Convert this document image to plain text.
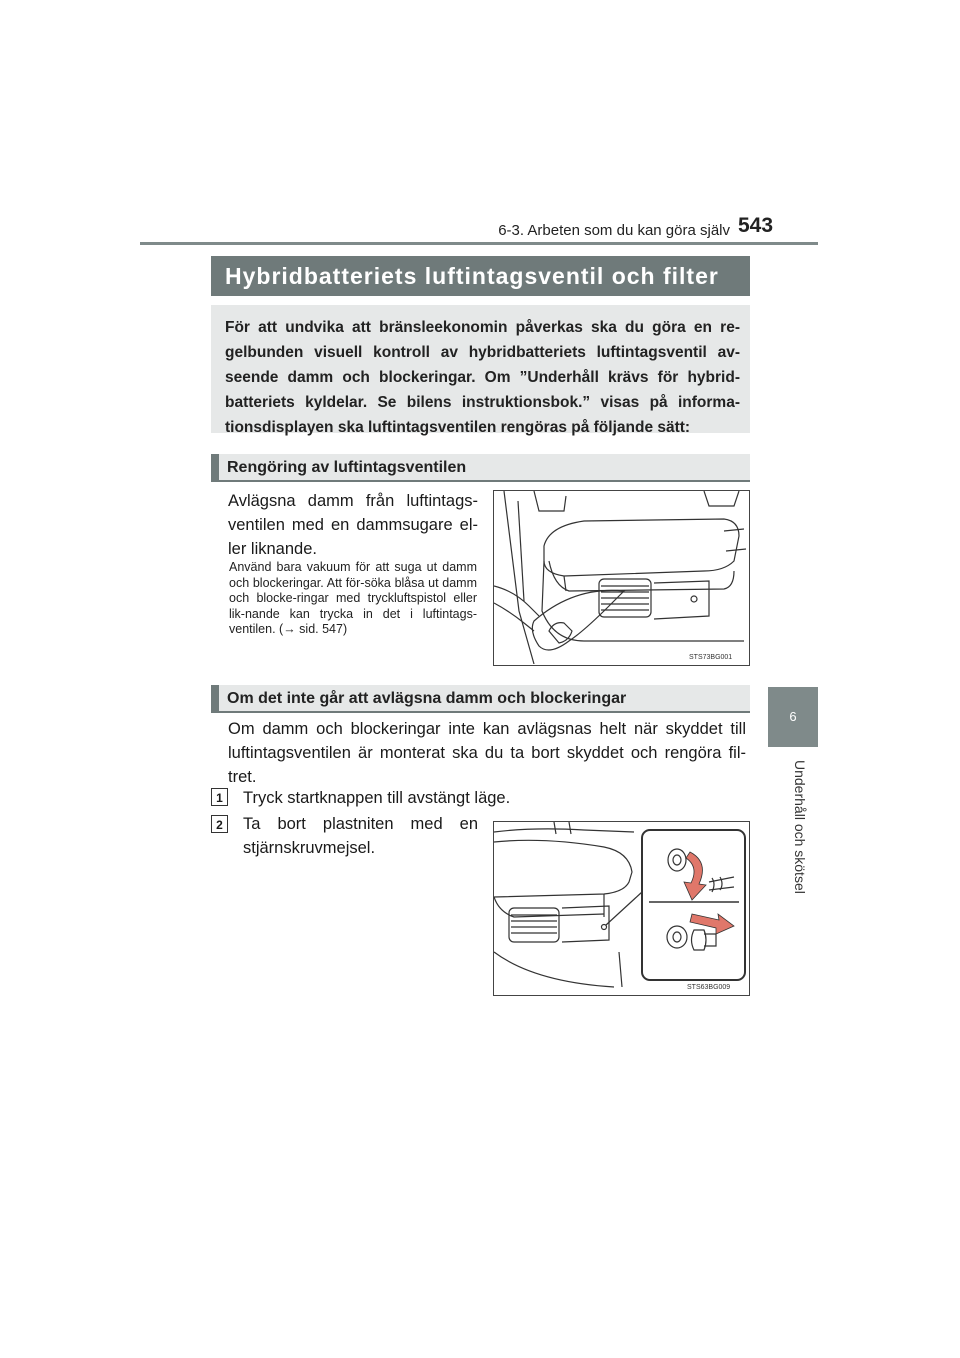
6-3. Arbeten som du kan göra själv 543
6
Underhåll och skötsel
Hybridbatteriets luftintagsventil och filter
För att undvika att bränsleekonomin påverkas ska du göra en re-gelbunden visuell kontroll av hybridbatteriets luftintagsventil av-seende damm och blockeringar. Om ”Underhåll krävs för hybrid-batteriets kyldelar. Se bilens instruktionsbok.” visas på informa-tionsdisplayen ska luftintagsventilen rengöras på följande sätt:
Rengöring av luftintagsventilen
Avlägsna damm från luftintags-ventilen med en dammsugare el-ler liknande.
Använd bara vakuum för att suga ut damm och blockeringar. Att för-söka blåsa ut damm och blocke-ringar med tryckluftspistol eller lik-nande kan trycka in det i luftintags-ventilen. (→ sid. 547)
STS73BG001
Om det inte går att avlägsna damm och blockeringar
Om damm och blockeringar inte kan avlägsnas helt när skyddet till luftintagsventilen är monterat ska du ta bort skyddet och rengöra fil-tret.
1	Tryck startknappen till avstängt läge.
2	Ta bort plastniten med en stjärnskruvmejsel.
STS63BG009
